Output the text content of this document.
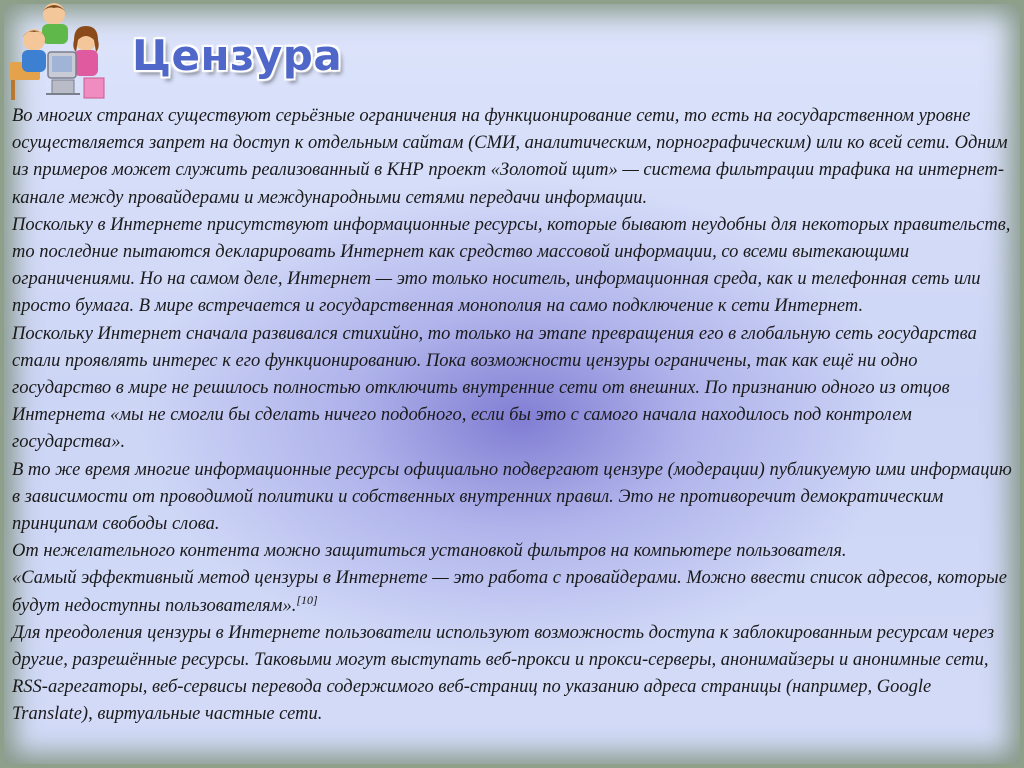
Цензура

Во многих странах существуют серьёзные ограничения на функционирование сети, то есть на государственном уровне осуществляется запрет на доступ к отдельным сайтам (СМИ, аналитическим, порнографическим) или ко всей сети. Одним из примеров может служить реализованный в КНР проект «Золотой щит» — система фильтрации трафика на интернет-канале между провайдерами и международными сетями передачи информации.

Поскольку в Интернете присутствуют информационные ресурсы, которые бывают неудобны для некоторых правительств, то последние пытаются декларировать Интернет как средство массовой информации, со всеми вытекающими ограничениями. Но на самом деле, Интернет — это только носитель, информационная среда, как и телефонная сеть или просто бумага. В мире встречается и государственная монополия на само подключение к сети Интернет.

Поскольку Интернет сначала развивался стихийно, то только на этапе превращения его в глобальную сеть государства стали проявлять интерес к его функционированию. Пока возможности цензуры ограничены, так как ещё ни одно государство в мире не решилось полностью отключить внутренние сети от внешних. По признанию одного из отцов Интернета «мы не смогли бы сделать ничего подобного, если бы это с самого начала находилось под контролем государства».

В то же время многие информационные ресурсы официально подвергают цензуре (модерации) публикуемую ими информацию в зависимости от проводимой политики и собственных внутренних правил. Это не противоречит демократическим принципам свободы слова.

От нежелательного контента можно защититься установкой фильтров на компьютере пользователя.

«Самый эффективный метод цензуры в Интернете — это работа с провайдерами. Можно ввести список адресов, которые будут недоступны пользователям».[10]

Для преодоления цензуры в Интернете пользователи используют возможность доступа к заблокированным ресурсам через другие, разрешённые ресурсы. Таковыми могут выступать веб-прокси и прокси-серверы, анонимайзеры и анонимные сети, RSS-агрегаторы, веб-сервисы перевода содержимого веб-страниц по указанию адреса страницы (например, Google Translate), виртуальные частные сети.
